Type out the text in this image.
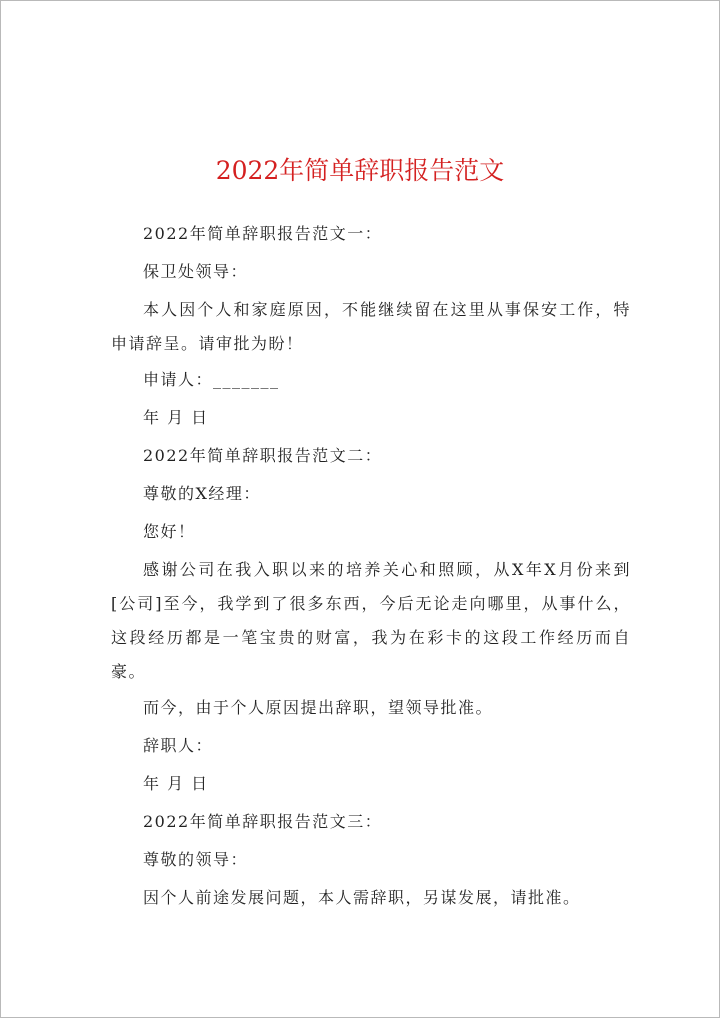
2022年简单辞职报告范文

2022年简单辞职报告范文一：

保卫处领导：

本人因个人和家庭原因，不能继续留在这里从事保安工作，特申请辞呈。请审批为盼！

申请人：_______

年 月 日

2022年简单辞职报告范文二：

尊敬的X经理：

您好！

感谢公司在我入职以来的培养关心和照顾，从X年X月份来到[公司]至今，我学到了很多东西，今后无论走向哪里，从事什么，这段经历都是一笔宝贵的财富，我为在彩卡的这段工作经历而自豪。

而今，由于个人原因提出辞职，望领导批准。

辞职人：

年 月 日

2022年简单辞职报告范文三：

尊敬的领导：

因个人前途发展问题，本人需辞职，另谋发展，请批准。
